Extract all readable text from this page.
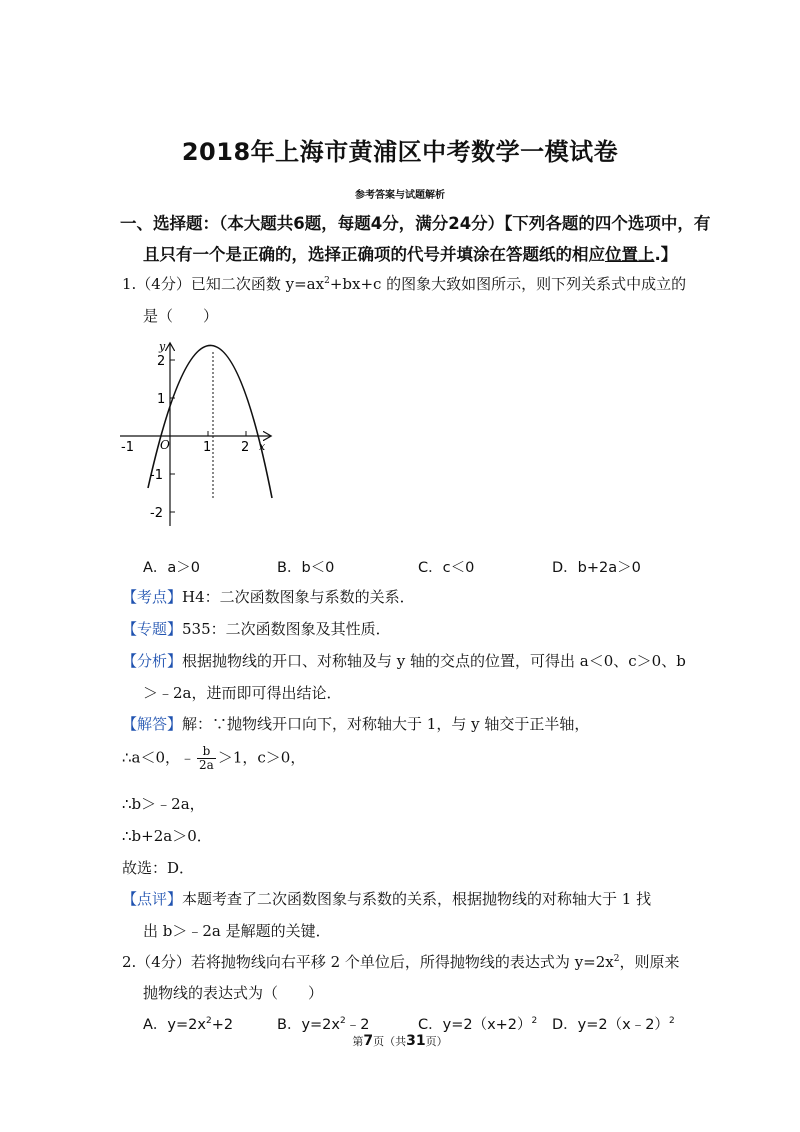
2018年上海市黄浦区中考数学一模试卷
参考答案与试题解析
一、选择题：（本大题共6题，每题4分，满分24分）【下列各题的四个选项中，有
且只有一个是正确的，选择正确项的代号并填涂在答题纸的相应位置上.】
1.（4分）已知二次函数 $y=ax^2+bx+c$ 的图象大致如图所示，则下列关系式中成立的
是（　　）
y
x
O
-1	1 2
2
1
-1
-2
A．a＞0	B．b＜0	C．c＜0	D．b+2a＞0
【考点】H4：二次函数图象与系数的关系．
【专题】535：二次函数图象及其性质．
【分析】根据抛物线的开口、对称轴及与 y 轴的交点的位置，可得出 a＜0、c＞0、b
＞﹣2a，进而即可得出结论．
【解答】解：∵抛物线开口向下，对称轴大于 1，与 y 轴交于正半轴，
∴a＜0，﹣ $\frac{b}{2a} >1$，c＞0，
∴b＞﹣2a，
∴b+2a＞0．
故选：D．
【点评】本题考查了二次函数图象与系数的关系，根据抛物线的对称轴大于 1 找
出 b＞﹣2a 是解题的关键．
2.（4分）若将抛物线向右平移 2 个单位后，所得抛物线的表达式为 $y=2x^2$，则原来
抛物线的表达式为（　　）
A．$y=2x^2+2$	B．$y=2x^2﹣2$	C．$y=2(x+2)^2$ D．y=2（x﹣2）$^2$
第7页（共31页）
